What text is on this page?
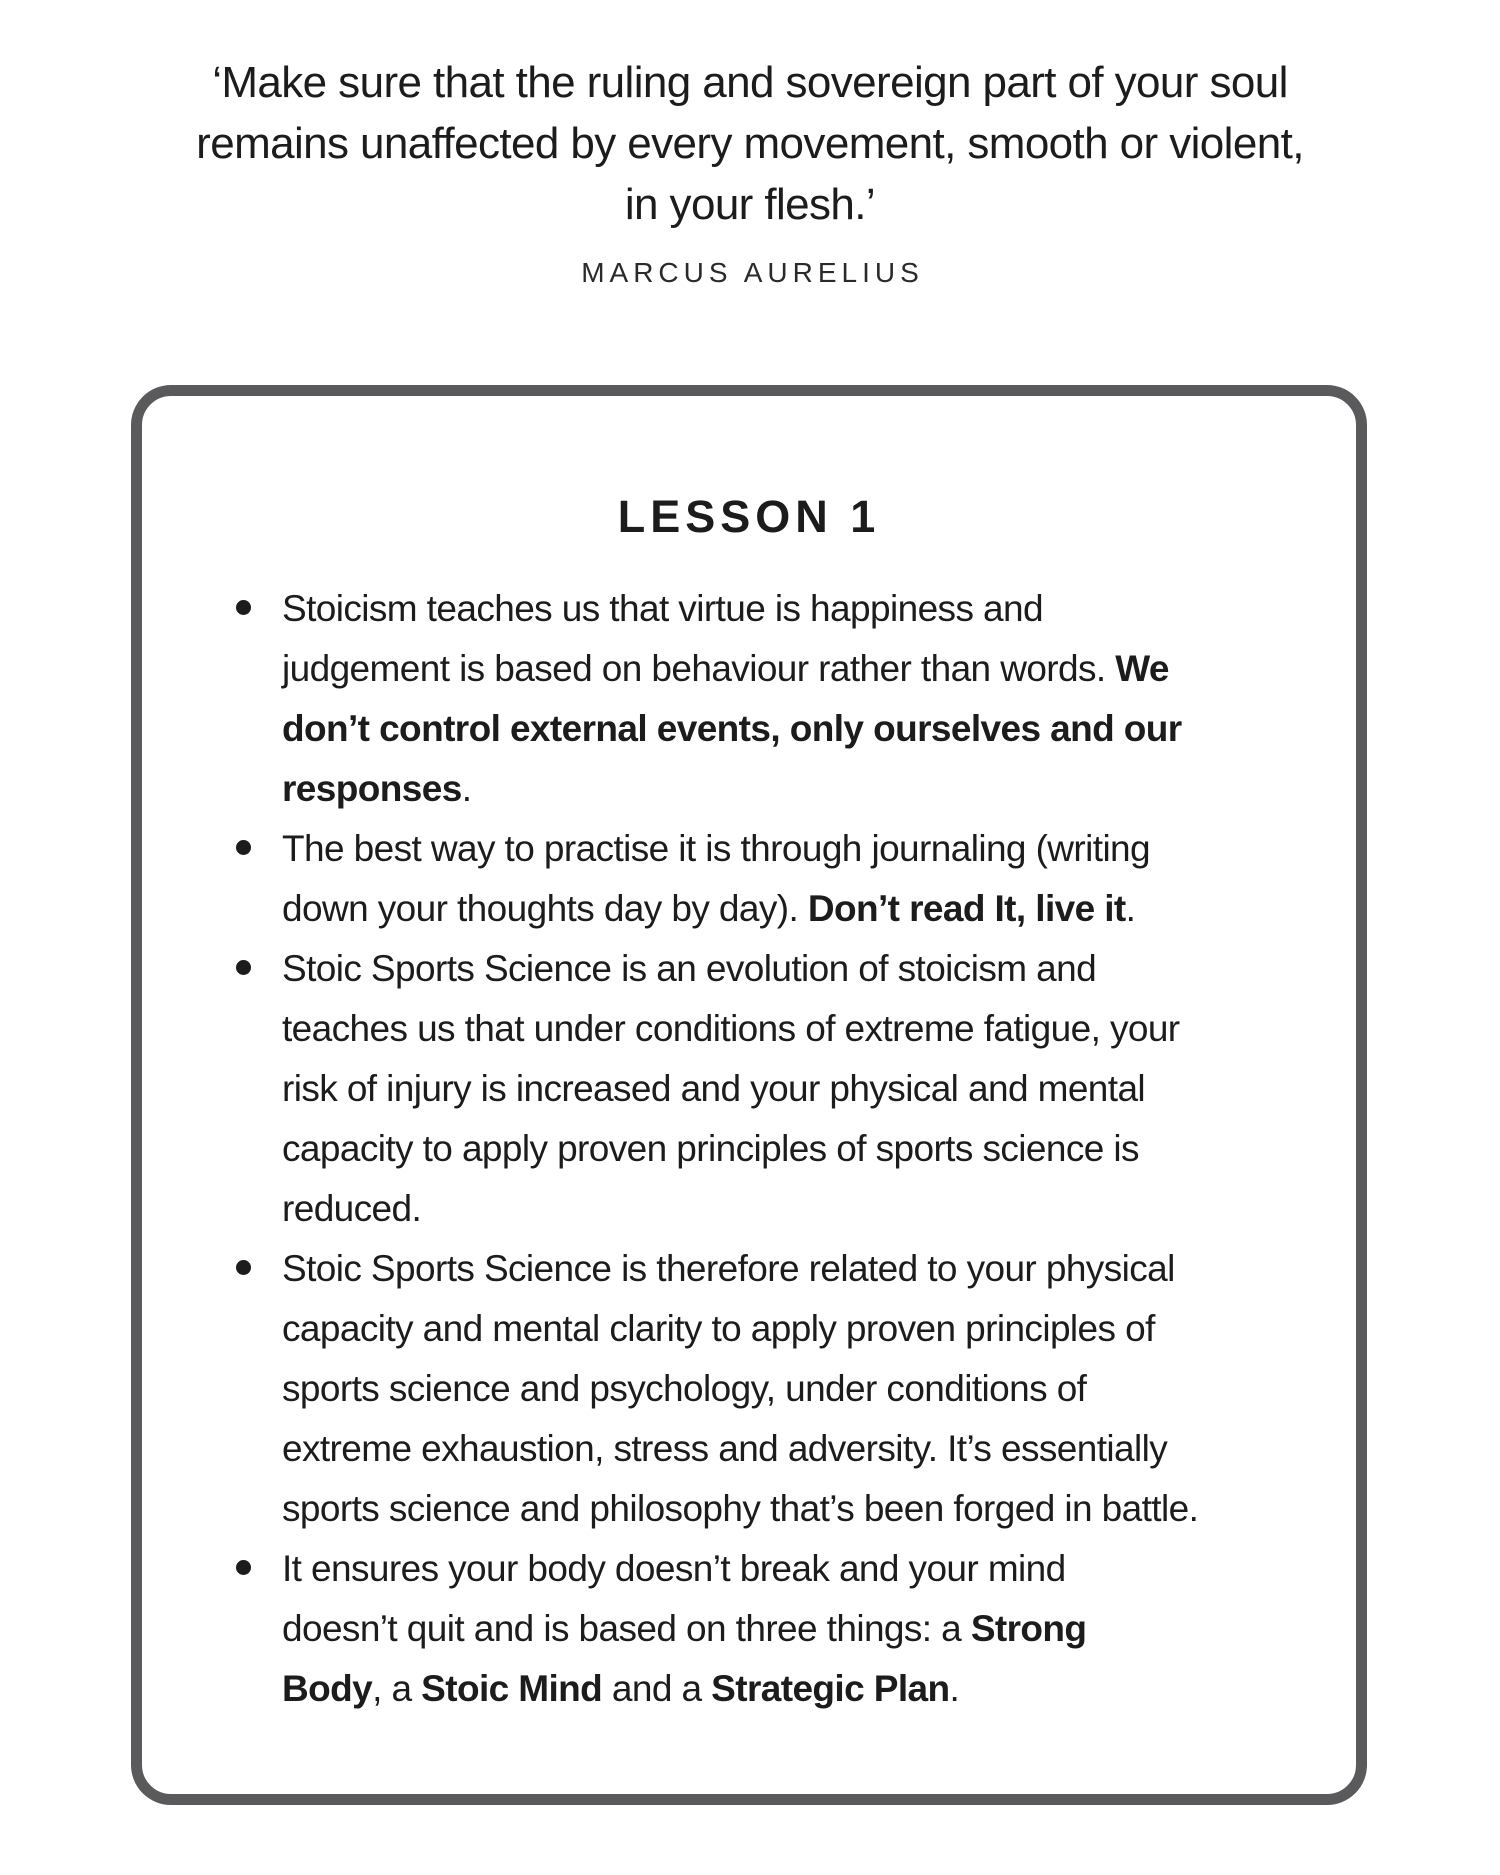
‘Make sure that the ruling and sovereign part of your soul
remains unaffected by every movement, smooth or violent,
in your flesh.’
MARCUS AURELIUS
LESSON 1
Stoicism teaches us that virtue is happiness and
judgement is based on behaviour rather than words. We
don’t control external events, only ourselves and our
responses.
The best way to practise it is through journaling (writing
down your thoughts day by day). Don’t read It, live it.
Stoic Sports Science is an evolution of stoicism and
teaches us that under conditions of extreme fatigue, your
risk of injury is increased and your physical and mental
capacity to apply proven principles of sports science is
reduced.
Stoic Sports Science is therefore related to your physical
capacity and mental clarity to apply proven principles of
sports science and psychology, under conditions of
extreme exhaustion, stress and adversity. It’s essentially
sports science and philosophy that’s been forged in battle.
It ensures your body doesn’t break and your mind
doesn’t quit and is based on three things: a Strong
Body, a Stoic Mind and a Strategic Plan.
